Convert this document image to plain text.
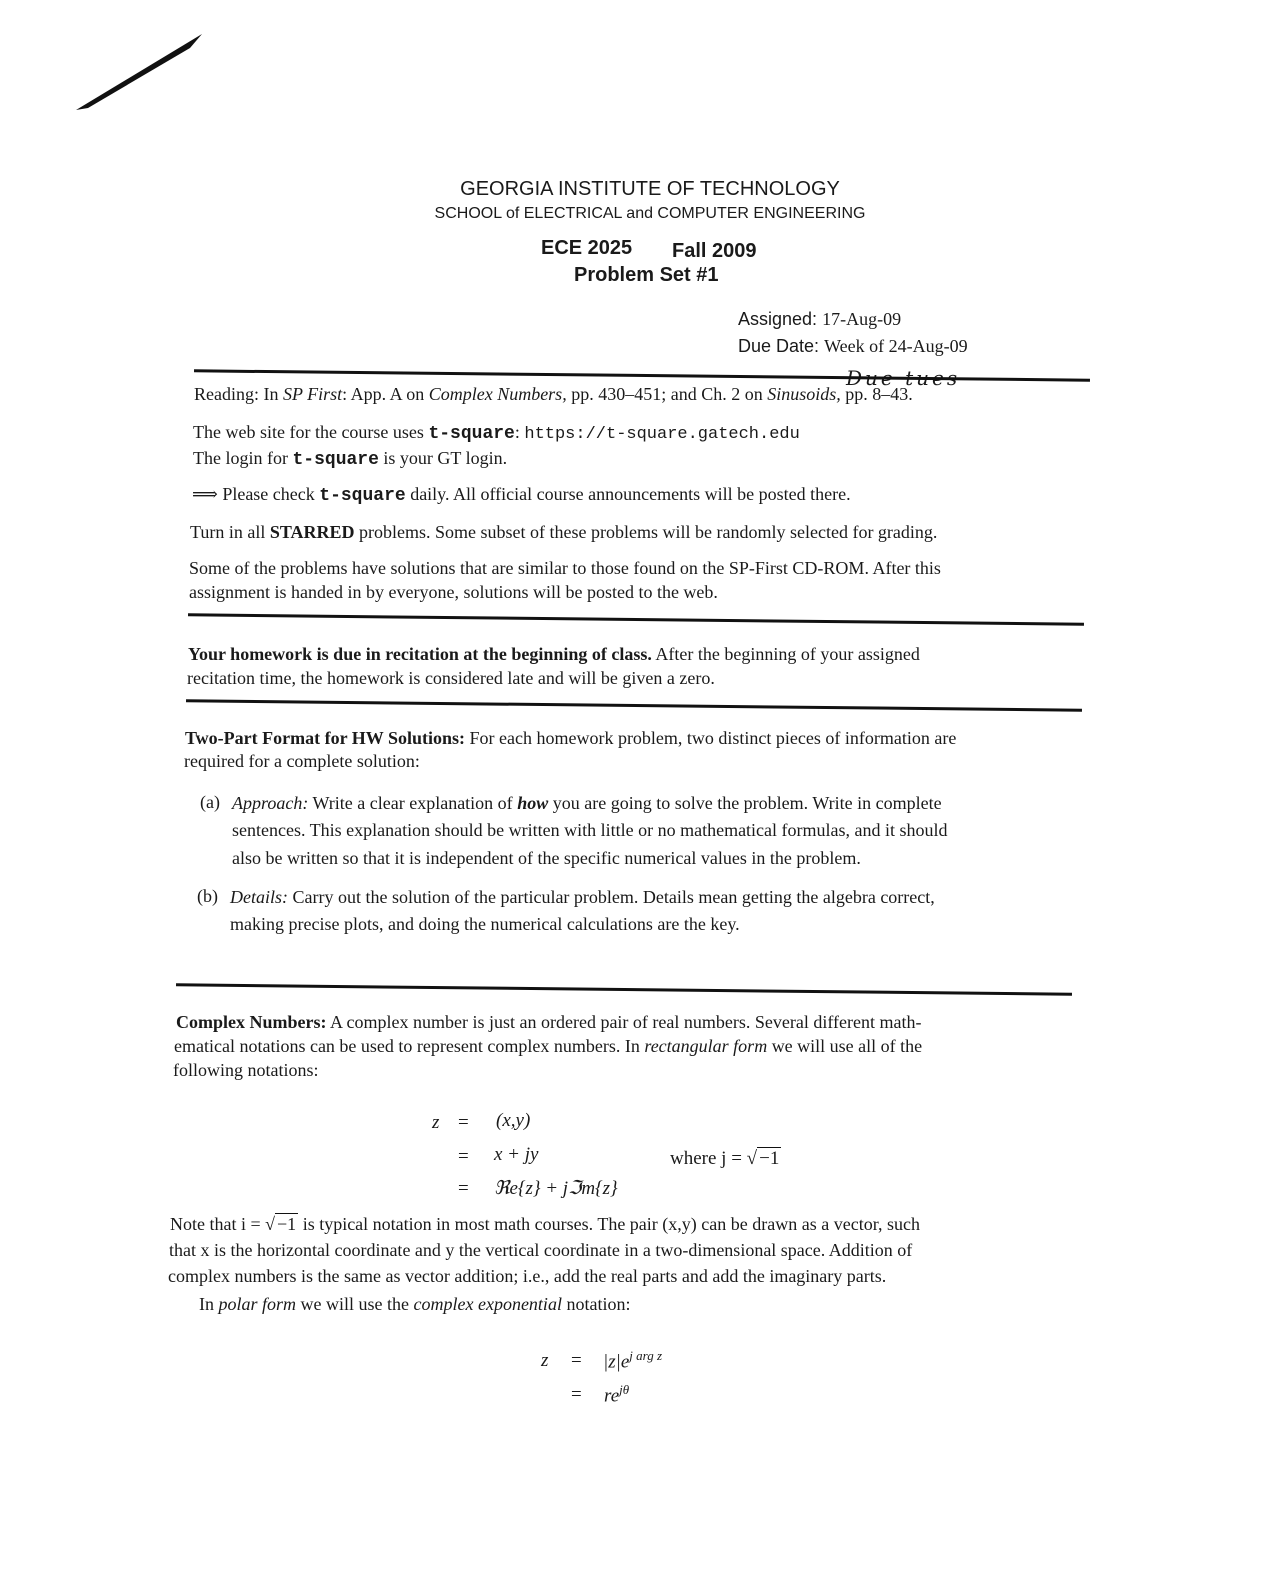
GEORGIA INSTITUTE OF TECHNOLOGY
SCHOOL of ELECTRICAL and COMPUTER ENGINEERING
ECE 2025 Fall 2009
Problem Set #1
Assigned: 17-Aug-09
Due Date: Week of 24-Aug-09
Reading: In SP First: App. A on Complex Numbers, pp. 430–451; and Ch. 2 on Sinusoids, pp. 8–43.
The web site for the course uses t-square: https://t-square.gatech.edu
The login for t-square is your GT login.
⟹ Please check t-square daily. All official course announcements will be posted there.
Turn in all STARRED problems. Some subset of these problems will be randomly selected for grading.
Some of the problems have solutions that are similar to those found on the SP-First CD-ROM. After this
assignment is handed in by everyone, solutions will be posted to the web.
Your homework is due in recitation at the beginning of class. After the beginning of your assigned
recitation time, the homework is considered late and will be given a zero.
Two-Part Format for HW Solutions: For each homework problem, two distinct pieces of information are
required for a complete solution:
(a) Approach: Write a clear explanation of how you are going to solve the problem. Write in complete
sentences. This explanation should be written with little or no mathematical formulas, and it should
also be written so that it is independent of the specific numerical values in the problem.
(b) Details: Carry out the solution of the particular problem. Details mean getting the algebra correct,
making precise plots, and doing the numerical calculations are the key.
Complex Numbers: A complex number is just an ordered pair of real numbers. Several different math-
ematical notations can be used to represent complex numbers. In rectangular form we will use all of the
following notations:
z = (x,y)
= x + jy
= ℜe{z} + jℑm{z}
where j = √ −1
Note that i = √ −1 is typical notation in most math courses. The pair (x,y) can be drawn as a vector, such
that x is the horizontal coordinate and y the vertical coordinate in a two-dimensional space. Addition of
complex numbers is the same as vector addition; i.e., add the real parts and add the imaginary parts.
In polar form we will use the complex exponential notation:
$z = |z|e^{j arg z}$
= $re^{j\theta}$
